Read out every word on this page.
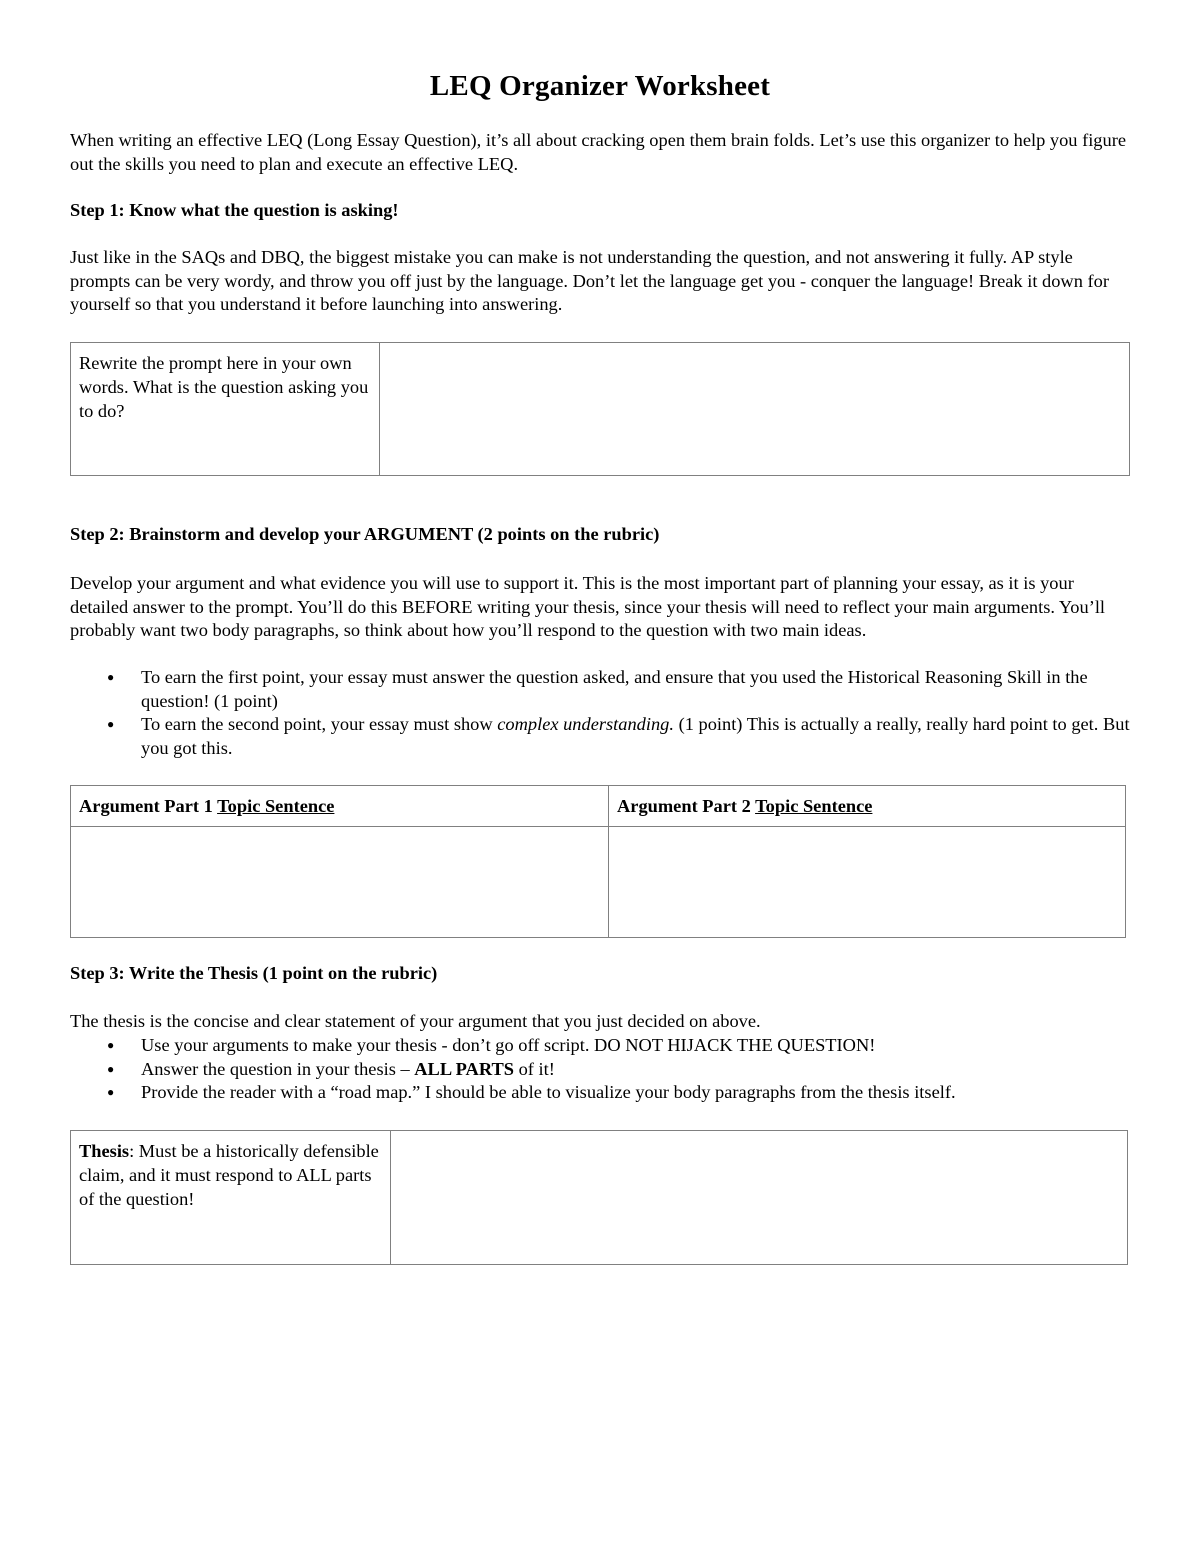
LEQ Organizer Worksheet

When writing an effective LEQ (Long Essay Question), it’s all about cracking open them brain folds. Let’s use this organizer to help you figure out the skills you need to plan and execute an effective LEQ.

Step 1: Know what the question is asking!

Just like in the SAQs and DBQ, the biggest mistake you can make is not understanding the question, and not answering it fully. AP style prompts can be very wordy, and throw you off just by the language. Don’t let the language get you - conquer the language! Break it down for yourself so that you understand it before launching into answering.

Rewrite the prompt here in your own words. What is the question asking you to do?	

Step 2: Brainstorm and develop your ARGUMENT (2 points on the rubric)

Develop your argument and what evidence you will use to support it. This is the most important part of planning your essay, as it is your detailed answer to the prompt. You’ll do this BEFORE writing your thesis, since your thesis will need to reflect your main arguments. You’ll probably want two body paragraphs, so think about how you’ll respond to the question with two main ideas.

● To earn the first point, your essay must answer the question asked, and ensure that you used the Historical Reasoning Skill in the question! (1 point)
● To earn the second point, your essay must show complex understanding. (1 point) This is actually a really, really hard point to get. But you got this.
Argument Part 1 Topic Sentence	Argument Part 2 Topic Sentence

Step 3: Write the Thesis (1 point on the rubric)

The thesis is the concise and clear statement of your argument that you just decided on above.

● Use your arguments to make your thesis - don’t go off script. DO NOT HIJACK THE QUESTION!
● Answer the question in your thesis – ALL PARTS of it!
● Provide the reader with a “road map.” I should be able to visualize your body paragraphs from the thesis itself.
Thesis: Must be a historically defensible claim, and it must respond to ALL parts of the question!	
